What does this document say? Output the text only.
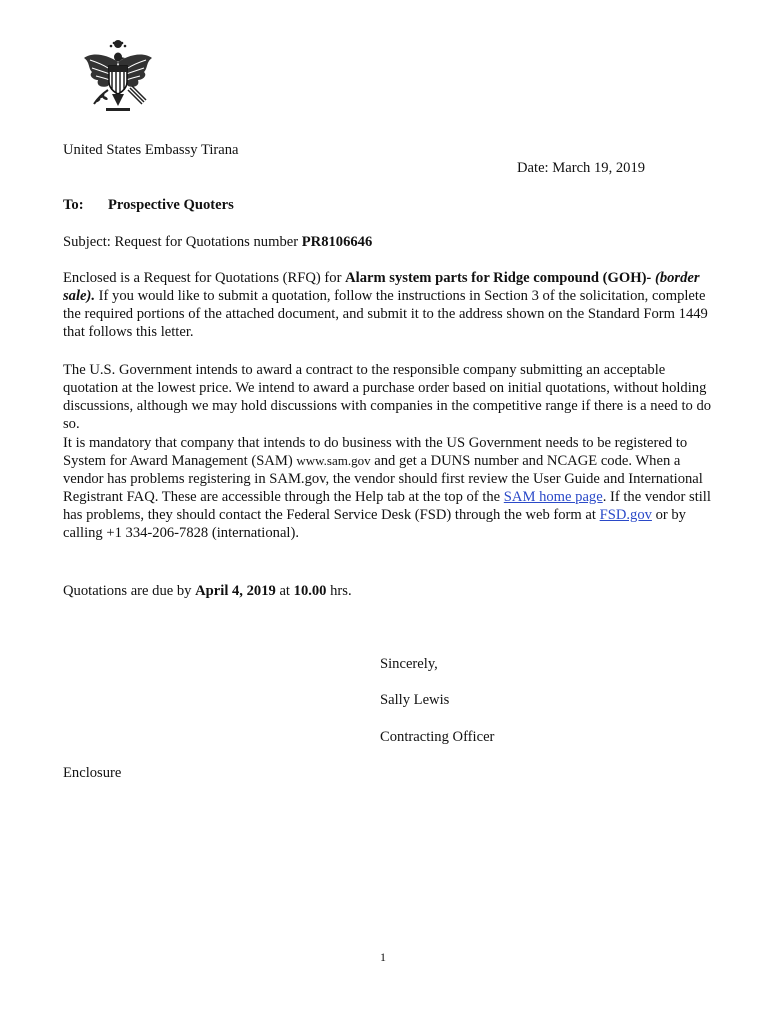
United States Embassy Tirana
Date: March 19, 2019
To: Prospective Quoters
Subject: Request for Quotations number PR8106646

Enclosed is a Request for Quotations (RFQ) for Alarm system parts for Ridge compound (GOH)- (border sale). If you would like to submit a quotation, follow the instructions in Section 3 of the solicitation, complete the required portions of the attached document, and submit it to the address shown on the Standard Form 1449 that follows this letter.

The U.S. Government intends to award a contract to the responsible company submitting an acceptable quotation at the lowest price. We intend to award a purchase order based on initial quotations, without holding discussions, although we may hold discussions with companies in the competitive range if there is a need to do so.

It is mandatory that company that intends to do business with the US Government needs to be registered to System for Award Management (SAM) www.sam.gov and get a DUNS number and NCAGE code. When a vendor has problems registering in SAM.gov, the vendor should first review the User Guide and International Registrant FAQ. These are accessible through the Help tab at the top of the SAM home page. If the vendor still has problems, they should contact the Federal Service Desk (FSD) through the web form at FSD.gov or by calling +1 334-206-7828 (international).

Quotations are due by April 4, 2019 at 10.00 hrs.
Sincerely,
Sally Lewis
Contracting Officer
Enclosure
1
